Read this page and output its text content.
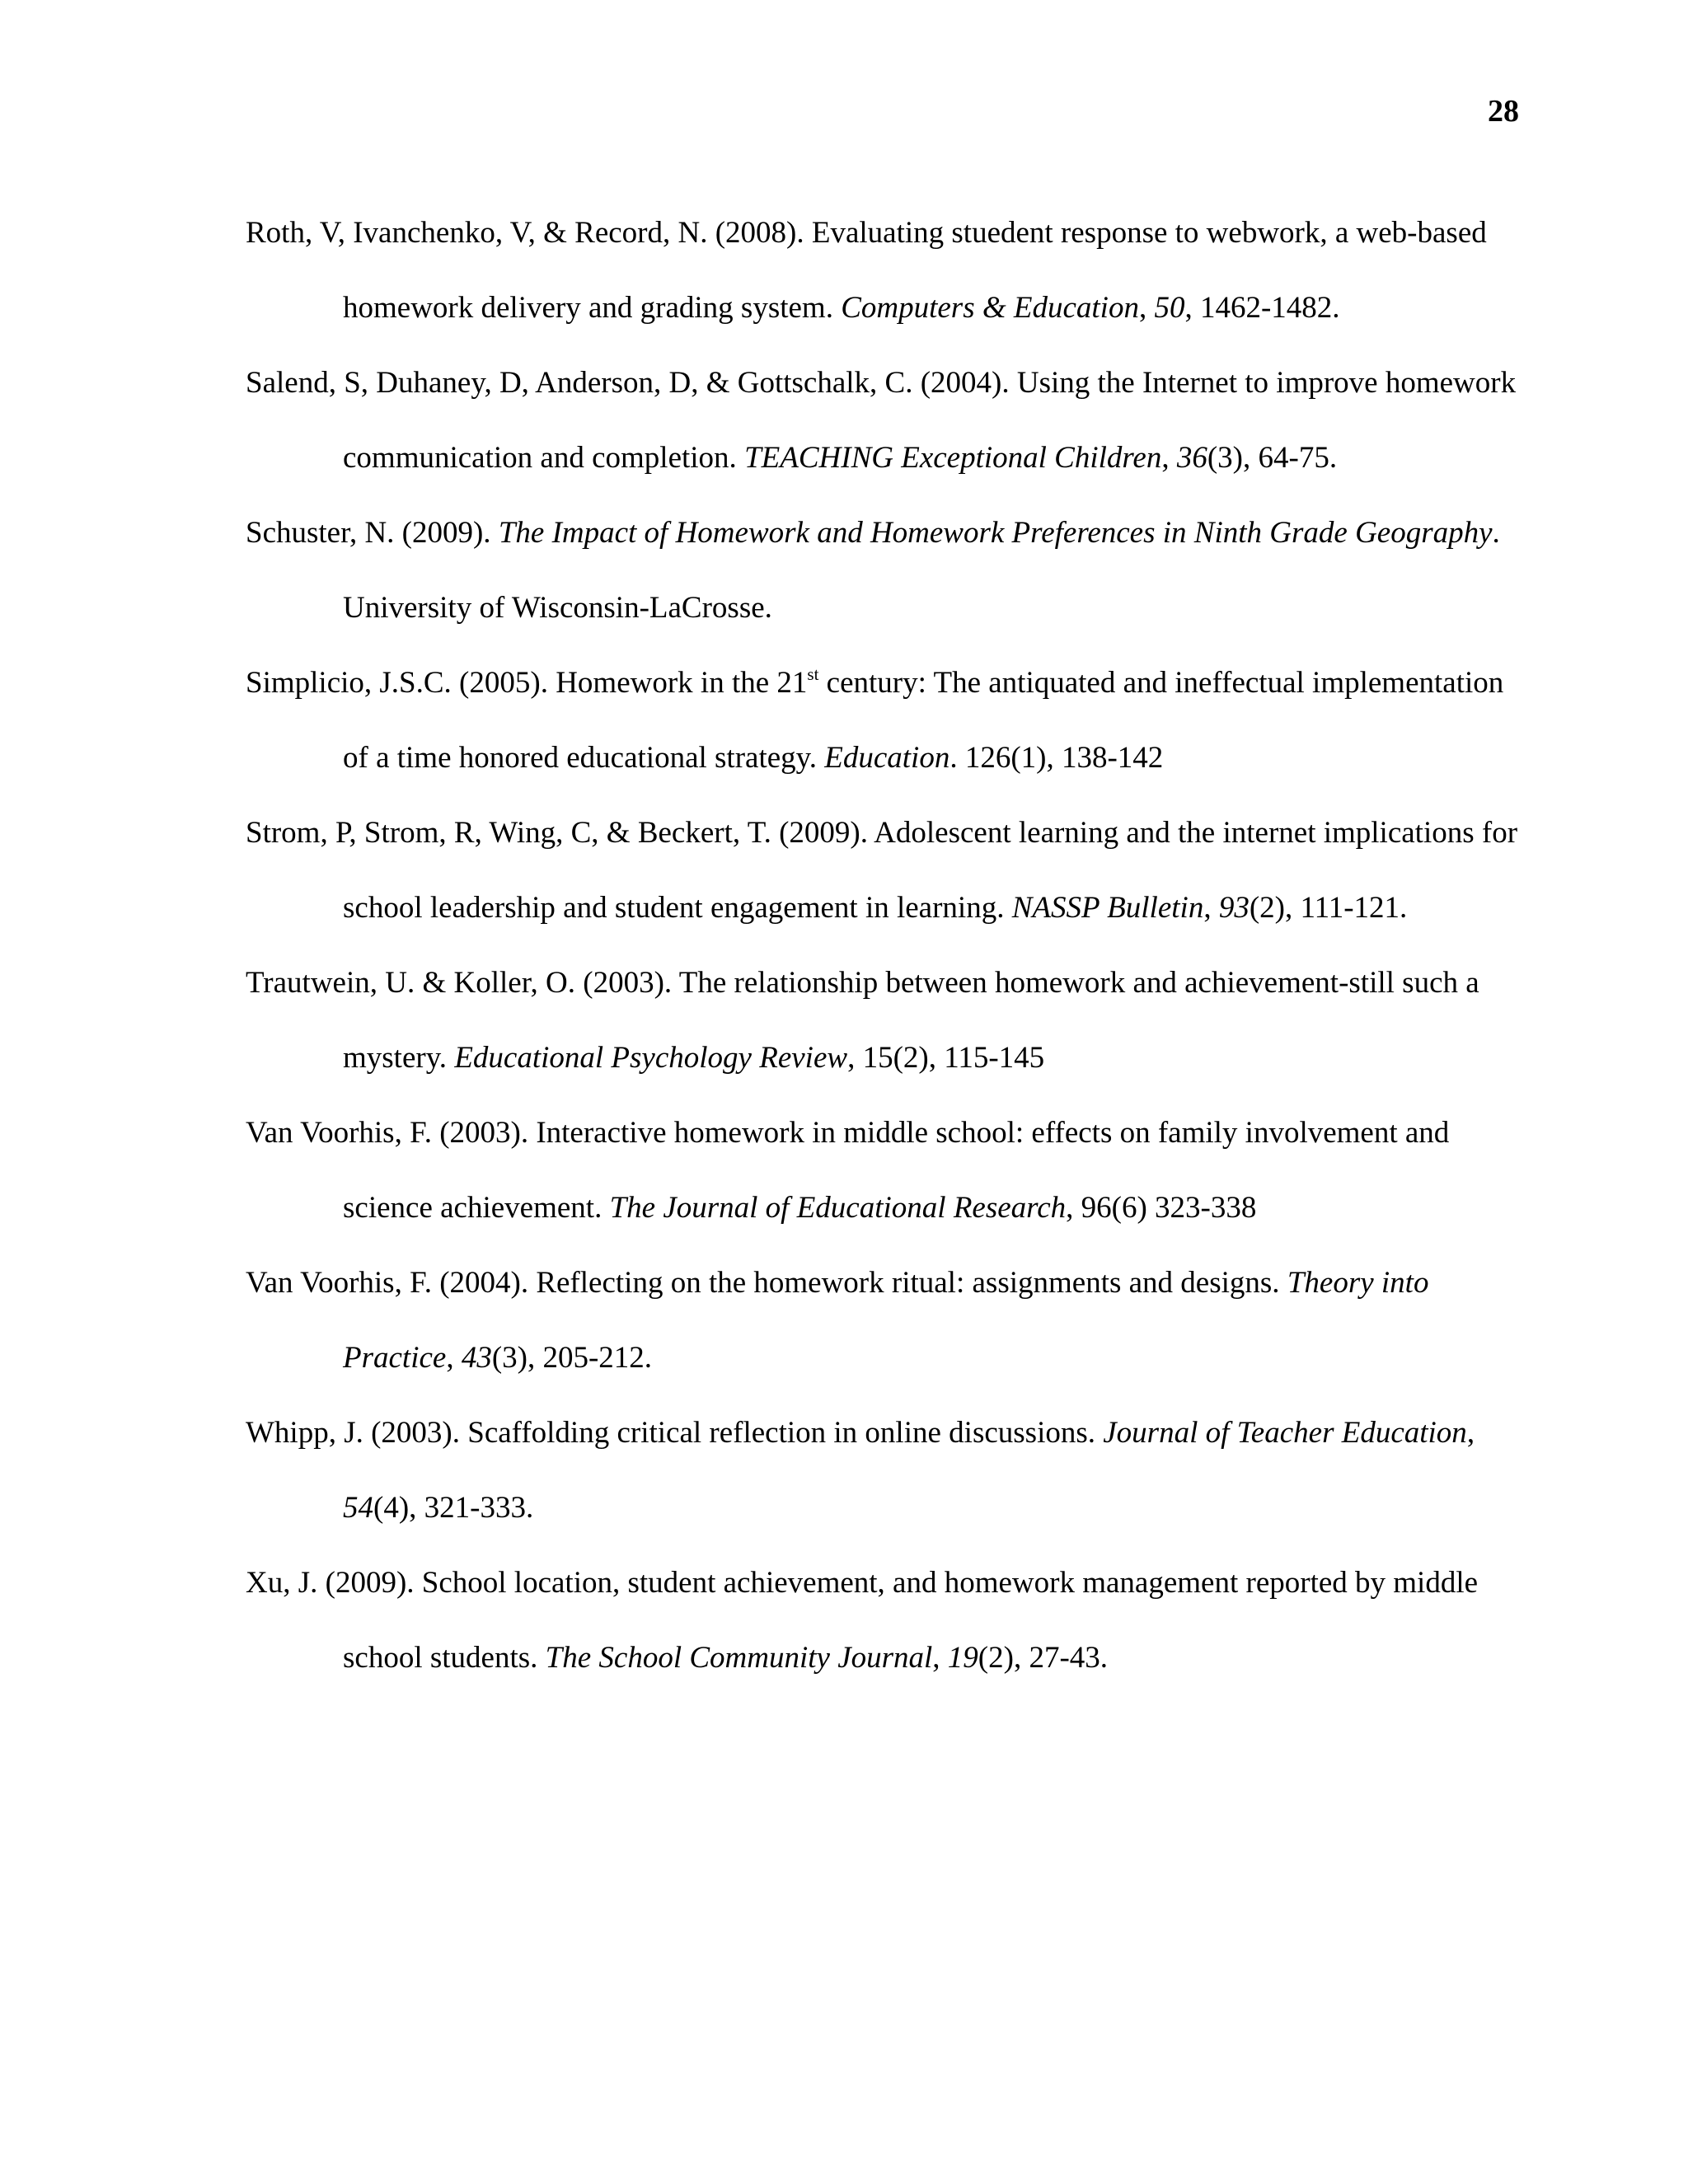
28

Roth, V, Ivanchenko, V, & Record, N. (2008). Evaluating stuedent response to webwork, a web-based homework delivery and grading system. Computers & Education, 50, 1462-1482.

Salend, S, Duhaney, D, Anderson, D, & Gottschalk, C. (2004). Using the Internet to improve homework communication and completion. TEACHING Exceptional Children, 36(3), 64-75.

Schuster, N. (2009). The Impact of Homework and Homework Preferences in Ninth Grade Geography. University of Wisconsin-LaCrosse.

Simplicio, J.S.C. (2005). Homework in the 21st century: The antiquated and ineffectual implementation of a time honored educational strategy. Education. 126(1), 138-142

Strom, P, Strom, R, Wing, C, & Beckert, T. (2009). Adolescent learning and the internet implications for school leadership and student engagement in learning. NASSP Bulletin, 93(2), 111-121.

Trautwein, U. & Koller, O. (2003). The relationship between homework and achievement-still such a mystery. Educational Psychology Review, 15(2), 115-145

Van Voorhis, F. (2003). Interactive homework in middle school: effects on family involvement and science achievement. The Journal of Educational Research, 96(6) 323-338

Van Voorhis, F. (2004). Reflecting on the homework ritual: assignments and designs. Theory into Practice, 43(3), 205-212.

Whipp, J. (2003). Scaffolding critical reflection in online discussions. Journal of Teacher Education, 54(4), 321-333.

Xu, J. (2009). School location, student achievement, and homework management reported by middle school students. The School Community Journal, 19(2), 27-43.
